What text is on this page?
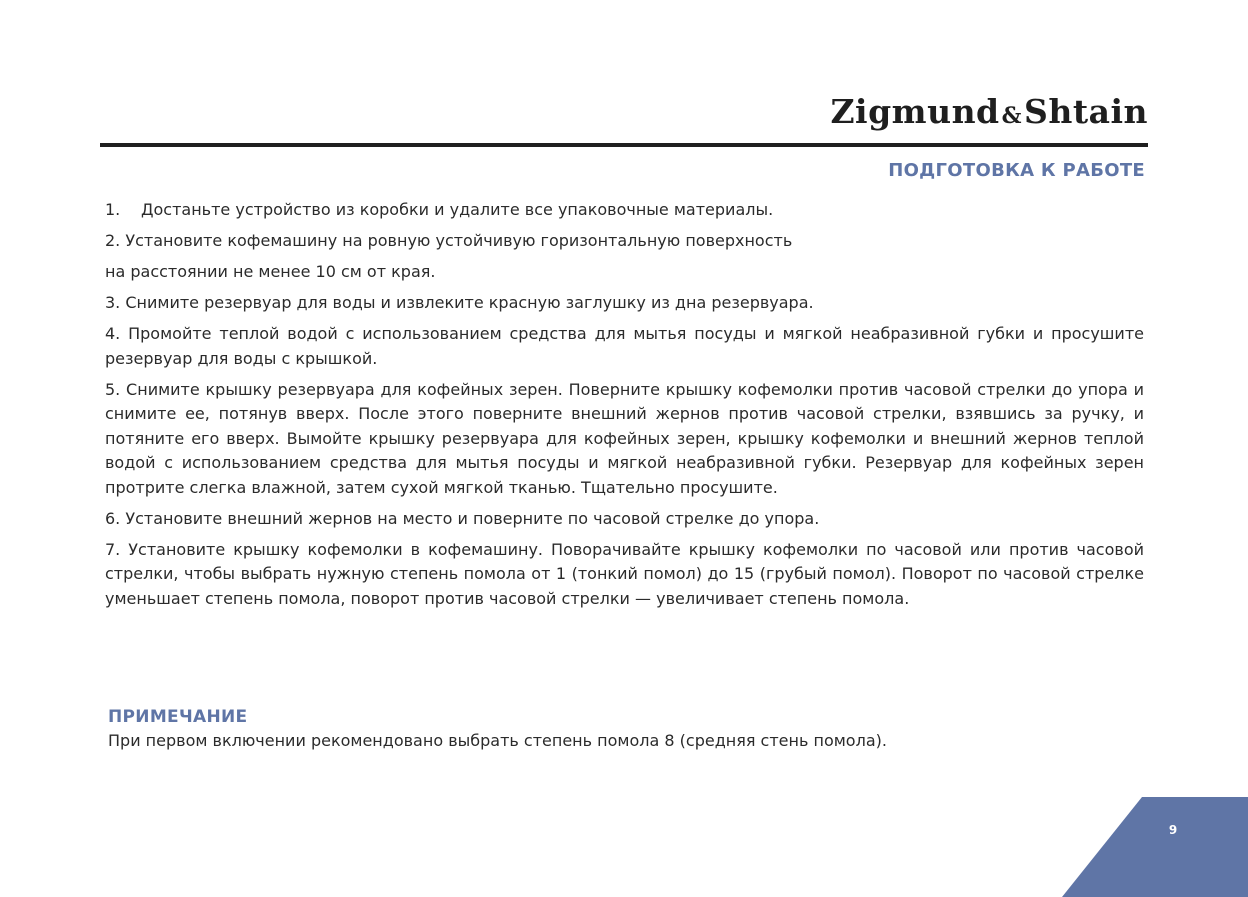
Zigmund&Shtain
ПОДГОТОВКА К РАБОТЕ

1. Достаньте устройство из коробки и удалите все упаковочные материалы.

2. Установите кофемашину на ровную устойчивую горизонтальную поверхность

на расстоянии не менее 10 см от края.

3. Снимите резервуар для воды и извлеките красную заглушку из дна резервуара.

4. Промойте теплой водой с использованием средства для мытья посуды и мягкой неабразивной губки и просушите резервуар для воды с крышкой.

5. Снимите крышку резервуара для кофейных зерен. Поверните крышку кофемолки против часовой стрелки до упора и снимите ее, потянув вверх. После этого поверните внешний жернов против часовой стрелки, взявшись за ручку, и потяните его вверх. Вымойте крышку резервуара для кофейных зерен, крышку кофемолки и внешний жернов теплой водой с использованием средства для мытья посуды и мягкой неабразивной губки. Резервуар для кофейных зерен протрите слегка влажной, затем сухой мягкой тканью. Тщательно просушите.

6. Установите внешний жернов на место и поверните по часовой стрелке до упора.

7. Установите крышку кофемолки в кофемашину. Поворачивайте крышку кофемолки по часовой или против часовой стрелки, чтобы выбрать нужную степень помола от 1 (тонкий помол) до 15 (грубый помол). Поворот по часовой стрелке уменьшает степень помола, поворот против часовой стрелки — увеличивает степень помола.

ПРИМЕЧАНИЕ
При первом включении рекомендовано выбрать степень помола 8 (средняя стень помола).
9
